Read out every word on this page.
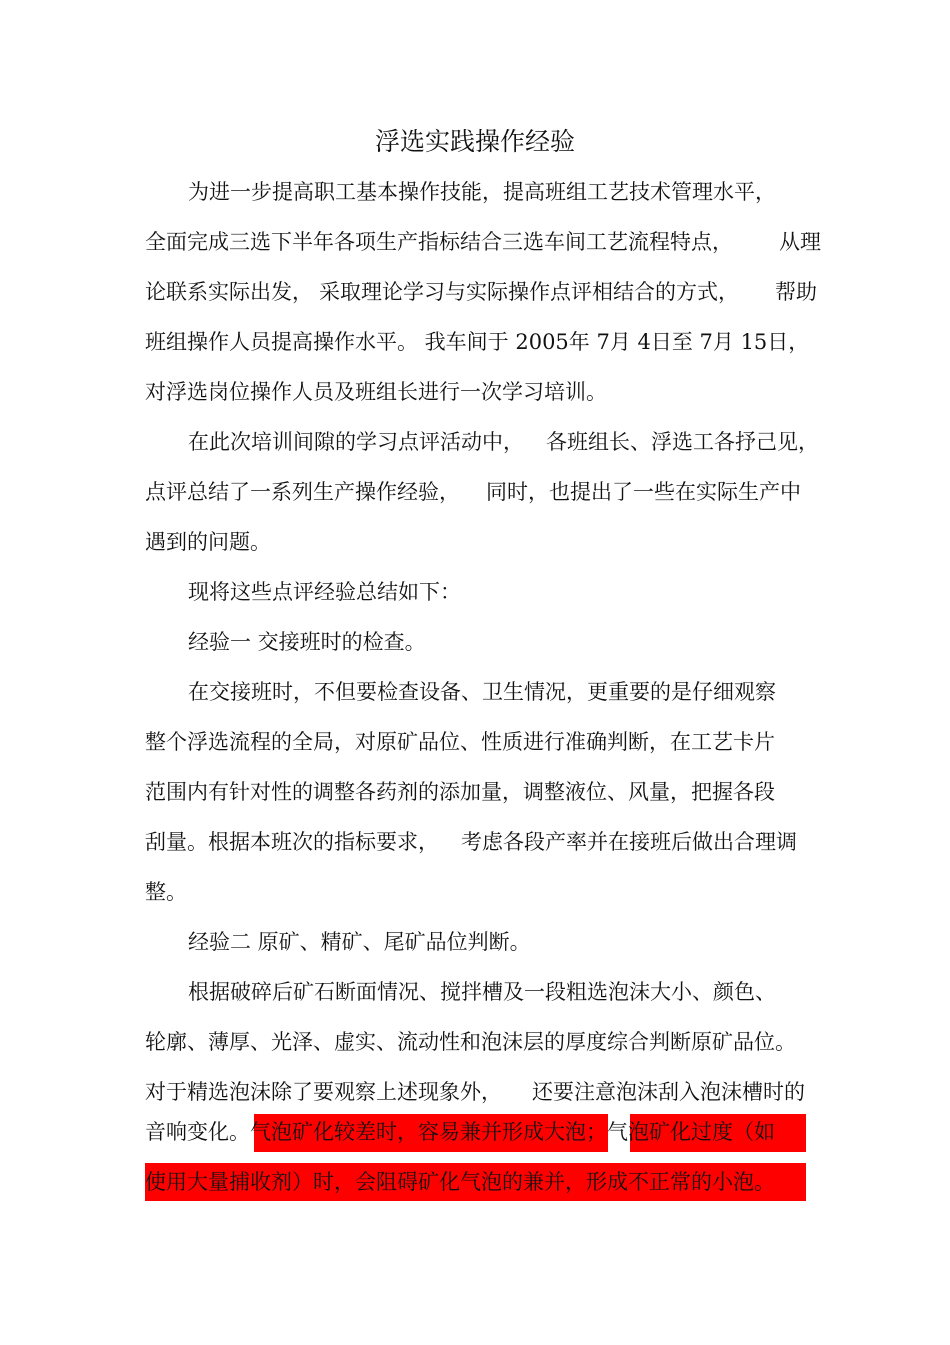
浮选实践操作经验
为进一步提高职工基本操作技能，提高班组工艺技术管理水平，
全面完成三选下半年各项生产指标结合三选车间工艺流程特点， 从理
论联系实际出发， 采取理论学习与实际操作点评相结合的方式， 帮助
班组操作人员提高操作水平。 我车间于 2005年 7月 4日至 7月 15日，
对浮选岗位操作人员及班组长进行一次学习培训。
在此次培训间隙的学习点评活动中， 各班组长、浮选工各抒己见，
点评总结了一系列生产操作经验， 同时，也提出了一些在实际生产中
遇到的问题。
现将这些点评经验总结如下：
经验一 交接班时的检查。
在交接班时，不但要检查设备、卫生情况，更重要的是仔细观察
整个浮选流程的全局，对原矿品位、性质进行准确判断，在工艺卡片
范围内有针对性的调整各药剂的添加量，调整液位、风量，把握各段
刮量。根据本班次的指标要求， 考虑各段产率并在接班后做出合理调
整。
经验二 原矿、精矿、尾矿品位判断。
根据破碎后矿石断面情况、搅拌槽及一段粗选泡沫大小、颜色、
轮廓、薄厚、光泽、虚实、流动性和泡沫层的厚度综合判断原矿品位。
对于精选泡沫除了要观察上述现象外， 还要注意泡沫刮入泡沫槽时的
音响变化。气泡矿化较差时，容易兼并形成大泡；气泡矿化过度（如
使用大量捕收剂）时，会阻碍矿化气泡的兼并，形成不正常的小泡。
